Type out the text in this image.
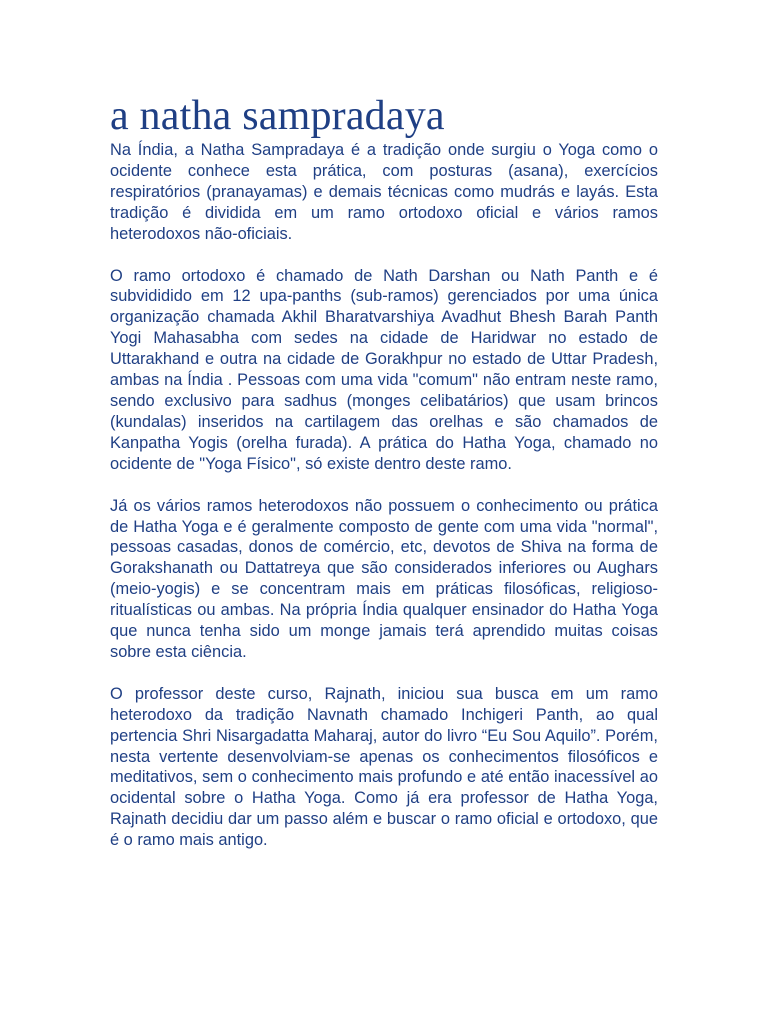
a natha sampradaya

Na Índia, a Natha Sampradaya é a tradição onde surgiu o Yoga como o ocidente conhece esta prática, com posturas (asana), exercícios respiratórios (pranayamas) e demais técnicas como mudrás e layás. Esta tradição é dividida em um ramo ortodoxo oficial e vários ramos heterodoxos não-oficiais.

O ramo ortodoxo é chamado de Nath Darshan ou Nath Panth e é subvididido em 12 upa-panths (sub-ramos) gerenciados por uma única organização chamada Akhil Bharatvarshiya Avadhut Bhesh Barah Panth Yogi Mahasabha com sedes na cidade de Haridwar no estado de Uttarakhand e outra na cidade de Gorakhpur no estado de Uttar Pradesh, ambas na Índia . Pessoas com uma vida "comum" não entram neste ramo, sendo exclusivo para sadhus (monges celibatários) que usam brincos (kundalas) inseridos na cartilagem das orelhas e são chamados de Kanpatha Yogis (orelha furada). A prática do Hatha Yoga, chamado no ocidente de "Yoga Físico", só existe dentro deste ramo.

Já os vários ramos heterodoxos não possuem o conhecimento ou prática de Hatha Yoga e é geralmente composto de gente com uma vida "normal", pessoas casadas, donos de comércio, etc, devotos de Shiva na forma de Gorakshanath ou Dattatreya que são considerados inferiores ou Aughars (meio-yogis) e se concentram mais em práticas filosóficas, religioso-ritualísticas ou ambas. Na própria Índia qualquer ensinador do Hatha Yoga que nunca tenha sido um monge jamais terá aprendido muitas coisas sobre esta ciência.

O professor deste curso, Rajnath, iniciou sua busca em um ramo heterodoxo da tradição Navnath chamado Inchigeri Panth, ao qual pertencia Shri Nisargadatta Maharaj, autor do livro “Eu Sou Aquilo”. Porém, nesta vertente desenvolviam-se apenas os conhecimentos filosóficos e meditativos, sem o conhecimento mais profundo e até então inacessível ao ocidental sobre o Hatha Yoga. Como já era professor de Hatha Yoga, Rajnath decidiu dar um passo além e buscar o ramo oficial e ortodoxo, que é o ramo mais antigo.
